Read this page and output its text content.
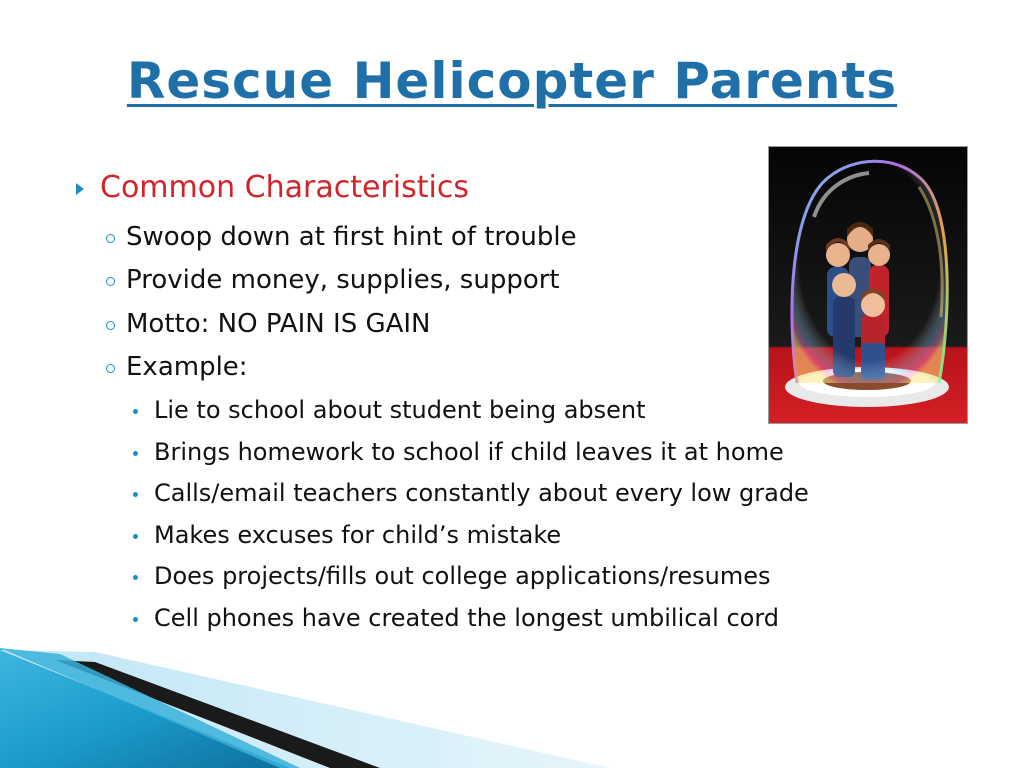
Rescue Helicopter Parents
Common Characteristics
Swoop down at first hint of trouble
Provide money, supplies, support
Motto: NO PAIN IS GAIN
Example:
Lie to school about student being absent
Brings homework to school if child leaves it at home
Calls/email teachers constantly about every low grade
Makes excuses for child’s mistake
Does projects/fills out college applications/resumes
Cell phones have created the longest umbilical cord
